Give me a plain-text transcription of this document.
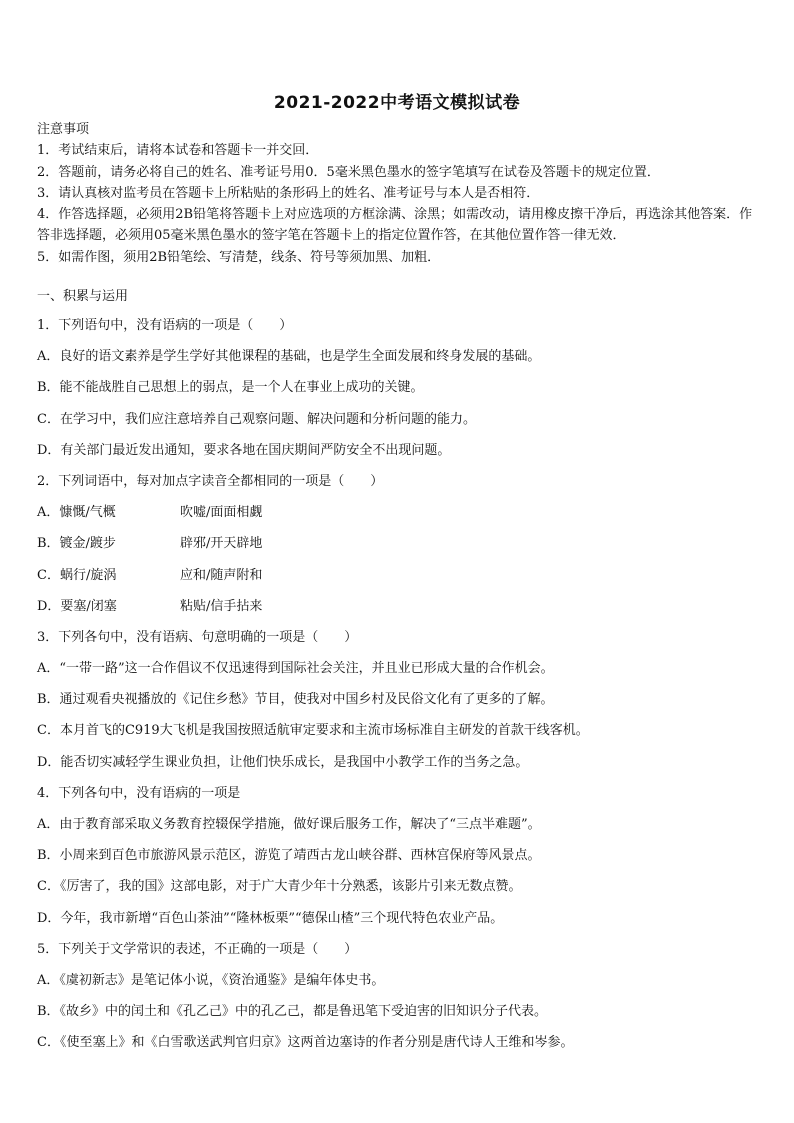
2021-2022中考语文模拟试卷
注意事项
1．考试结束后，请将本试卷和答题卡一并交回．
2．答题前，请务必将自己的姓名、准考证号用0．5毫米黑色墨水的签字笔填写在试卷及答题卡的规定位置．
3．请认真核对监考员在答题卡上所粘贴的条形码上的姓名、准考证号与本人是否相符．
4．作答选择题，必须用2B铅笔将答题卡上对应选项的方框涂满、涂黑；如需改动，请用橡皮擦干净后，再选涂其他答案．作答非选择题，必须用05毫米黑色墨水的签字笔在答题卡上的指定位置作答，在其他位置作答一律无效．
5．如需作图，须用2B铅笔绘、写清楚，线条、符号等须加黑、加粗．
一、积累与运用
1．下列语句中，没有语病的一项是（　　）
A．良好的语文素养是学生学好其他课程的基础，也是学生全面发展和终身发展的基础。
B．能不能战胜自己思想上的弱点，是一个人在事业上成功的关键。
C．在学习中，我们应注意培养自己观察问题、解决问题和分析问题的能力。
D．有关部门最近发出通知，要求各地在国庆期间严防安全不出现问题。
2．下列词语中，每对加点字读音全都相同的一项是（　　）
A．慷慨/气概	吹嘘/面面相觑
B．镀金/踱步	辟邪/开天辟地
C．蜗行/旋涡	应和/随声附和
D．要塞/闭塞	粘贴/信手拈来
3．下列各句中，没有语病、句意明确的一项是（　　）
A．“一带一路”这一合作倡议不仅迅速得到国际社会关注，并且业已形成大量的合作机会。
B．通过观看央视播放的《记住乡愁》节目，使我对中国乡村及民俗文化有了更多的了解。
C．本月首飞的C919大飞机是我国按照适航审定要求和主流市场标准自主研发的首款干线客机。
D．能否切实减轻学生课业负担，让他们快乐成长，是我国中小教学工作的当务之急。
4．下列各句中，没有语病的一项是
A．由于教育部采取义务教育控辍保学措施，做好课后服务工作，解决了“三点半难题”。
B．小周来到百色市旅游风景示范区，游览了靖西古龙山峡谷群、西林宫保府等风景点。
C．《厉害了，我的国》这部电影，对于广大青少年十分熟悉，该影片引来无数点赞。
D．今年，我市新增“百色山茶油”“隆林板栗”“德保山楂”三个现代特色农业产品。
5．下列关于文学常识的表述，不正确的一项是（　　）
A．《虞初新志》是笔记体小说，《资治通鉴》是编年体史书。
B．《故乡》中的闰土和《孔乙己》中的孔乙己，都是鲁迅笔下受迫害的旧知识分子代表。
C．《使至塞上》和《白雪歌送武判官归京》这两首边塞诗的作者分别是唐代诗人王维和岑参。
